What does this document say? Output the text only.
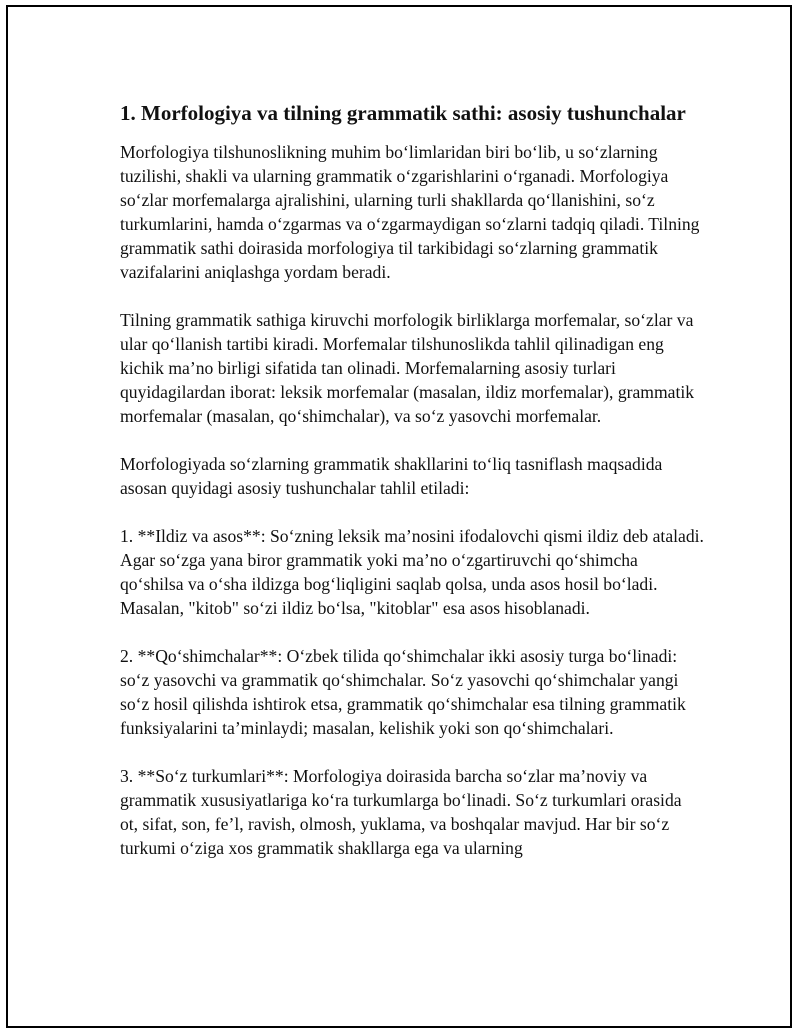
1. Morfologiya va tilning grammatik sathi: asosiy tushunchalar

Morfologiya tilshunoslikning muhim bo‘limlaridan biri bo‘lib, u so‘zlarning tuzilishi, shakli va ularning grammatik o‘zgarishlarini o‘rganadi. Morfologiya so‘zlar morfemalarga ajralishini, ularning turli shakllarda qo‘llanishini, so‘z turkumlarini, hamda o‘zgarmas va o‘zgarmaydigan so‘zlarni tadqiq qiladi. Tilning grammatik sathi doirasida morfologiya til tarkibidagi so‘zlarning grammatik vazifalarini aniqlashga yordam beradi.

Tilning grammatik sathiga kiruvchi morfologik birliklarga morfemalar, so‘zlar va ular qo‘llanish tartibi kiradi. Morfemalar tilshunoslikda tahlil qilinadigan eng kichik ma’no birligi sifatida tan olinadi. Morfemalarning asosiy turlari quyidagilardan iborat: leksik morfemalar (masalan, ildiz morfemalar), grammatik morfemalar (masalan, qo‘shimchalar), va so‘z yasovchi morfemalar.

Morfologiyada so‘zlarning grammatik shakllarini to‘liq tasniflash maqsadida asosan quyidagi asosiy tushunchalar tahlil etiladi:

1. **Ildiz va asos**: So‘zning leksik ma’nosini ifodalovchi qismi ildiz deb ataladi. Agar so‘zga yana biror grammatik yoki ma’no o‘zgartiruvchi qo‘shimcha qo‘shilsa va o‘sha ildizga bog‘liqligini saqlab qolsa, unda asos hosil bo‘ladi. Masalan, "kitob" so‘zi ildiz bo‘lsa, "kitoblar" esa asos hisoblanadi.

2. **Qo‘shimchalar**: O‘zbek tilida qo‘shimchalar ikki asosiy turga bo‘linadi: so‘z yasovchi va grammatik qo‘shimchalar. So‘z yasovchi qo‘shimchalar yangi so‘z hosil qilishda ishtirok etsa, grammatik qo‘shimchalar esa tilning grammatik funksiyalarini ta’minlaydi; masalan, kelishik yoki son qo‘shimchalari.

3. **So‘z turkumlari**: Morfologiya doirasida barcha so‘zlar ma’noviy va grammatik xususiyatlariga ko‘ra turkumlarga bo‘linadi. So‘z turkumlari orasida ot, sifat, son, fe’l, ravish, olmosh, yuklama, va boshqalar mavjud. Har bir so‘z turkumi o‘ziga xos grammatik shakllarga ega va ularning
